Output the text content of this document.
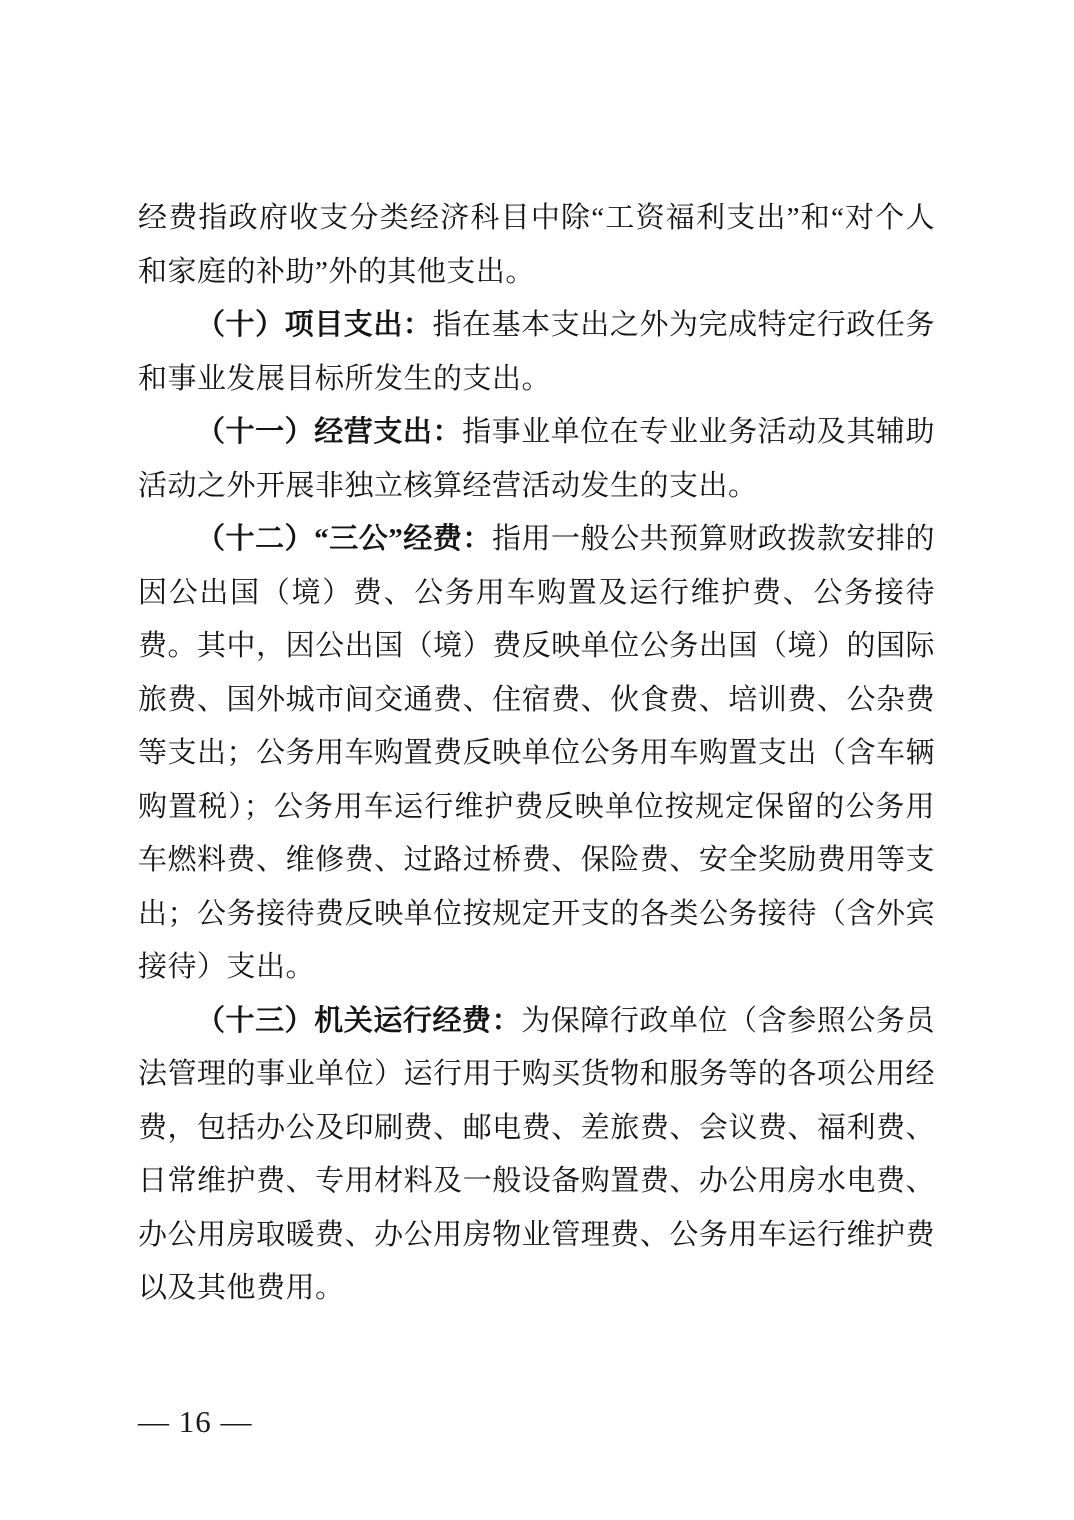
经费指政府收支分类经济科目中除“工资福利支出”和“对个人和家庭的补助”外的其他支出。

（十）项目支出：指在基本支出之外为完成特定行政任务和事业发展目标所发生的支出。

（十一）经营支出：指事业单位在专业业务活动及其辅助活动之外开展非独立核算经营活动发生的支出。

（十二）“三公”经费：指用一般公共预算财政拨款安排的因公出国（境）费、公务用车购置及运行维护费、公务接待费。其中，因公出国（境）费反映单位公务出国（境）的国际旅费、国外城市间交通费、住宿费、伙食费、培训费、公杂费等支出；公务用车购置费反映单位公务用车购置支出（含车辆购置税）；公务用车运行维护费反映单位按规定保留的公务用车燃料费、维修费、过路过桥费、保险费、安全奖励费用等支出；公务接待费反映单位按规定开支的各类公务接待（含外宾接待）支出。

（十三）机关运行经费：为保障行政单位（含参照公务员法管理的事业单位）运行用于购买货物和服务等的各项公用经费，包括办公及印刷费、邮电费、差旅费、会议费、福利费、日常维护费、专用材料及一般设备购置费、办公用房水电费、办公用房取暖费、办公用房物业管理费、公务用车运行维护费以及其他费用。

— 16 —
